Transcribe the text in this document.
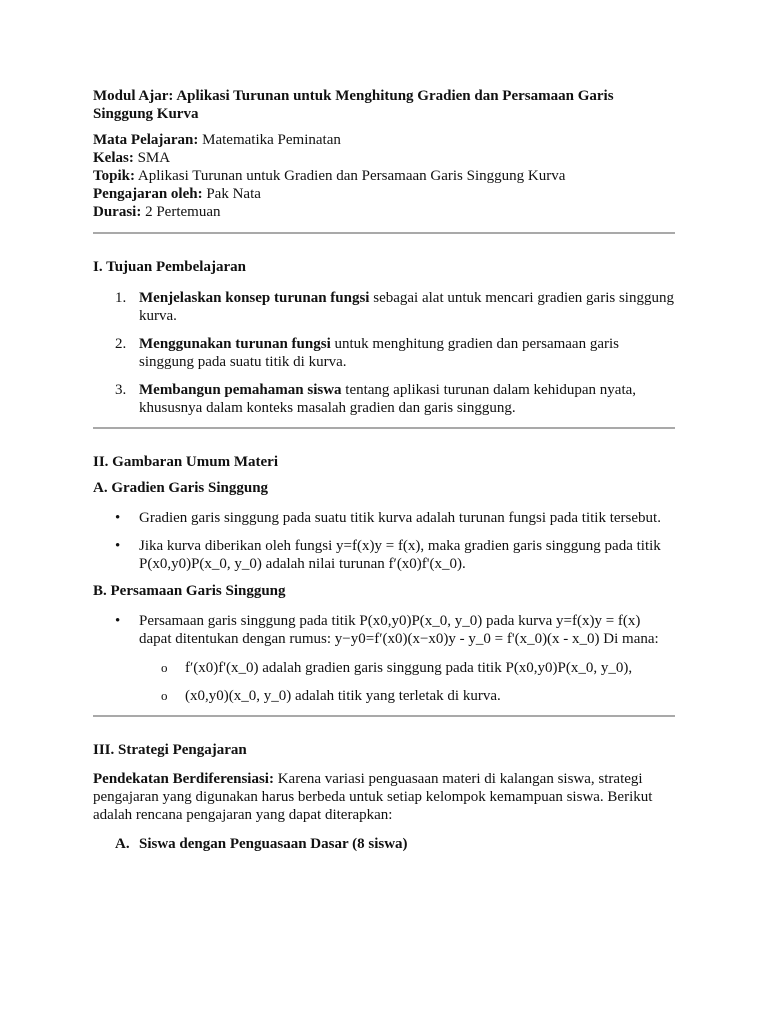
Modul Ajar: Aplikasi Turunan untuk Menghitung Gradien dan Persamaan Garis Singgung Kurva

Mata Pelajaran: Matematika Peminatan

Kelas: SMA

Topik: Aplikasi Turunan untuk Gradien dan Persamaan Garis Singgung Kurva

Pengajaran oleh: Pak Nata

Durasi: 2 Pertemuan

I. Tujuan Pembelajaran

1. Menjelaskan konsep turunan fungsi sebagai alat untuk mencari gradien garis singgung kurva.
2. Menggunakan turunan fungsi untuk menghitung gradien dan persamaan garis singgung pada suatu titik di kurva.
3. Membangun pemahaman siswa tentang aplikasi turunan dalam kehidupan nyata, khususnya dalam konteks masalah gradien dan garis singgung.

II. Gambaran Umum Materi

A. Gradien Garis Singgung

• Gradien garis singgung pada suatu titik kurva adalah turunan fungsi pada titik tersebut.
• Jika kurva diberikan oleh fungsi y=f(x)y = f(x), maka gradien garis singgung pada titik P(x0,y0)P(x_0, y_0) adalah nilai turunan f′(x0)f'(x_0).

B. Persamaan Garis Singgung

• Persamaan garis singgung pada titik P(x0,y0)P(x_0, y_0) pada kurva y=f(x)y = f(x) dapat ditentukan dengan rumus: y−y0=f′(x0)(x−x0)y - y_0 = f'(x_0)(x - x_0) Di mana:
o f′(x0)f'(x_0) adalah gradien garis singgung pada titik P(x0,y0)P(x_0, y_0),
o (x0,y0)(x_0, y_0) adalah titik yang terletak di kurva.

III. Strategi Pengajaran

Pendekatan Berdiferensiasi: Karena variasi penguasaan materi di kalangan siswa, strategi pengajaran yang digunakan harus berbeda untuk setiap kelompok kemampuan siswa. Berikut adalah rencana pengajaran yang dapat diterapkan:

A. Siswa dengan Penguasaan Dasar (8 siswa)
